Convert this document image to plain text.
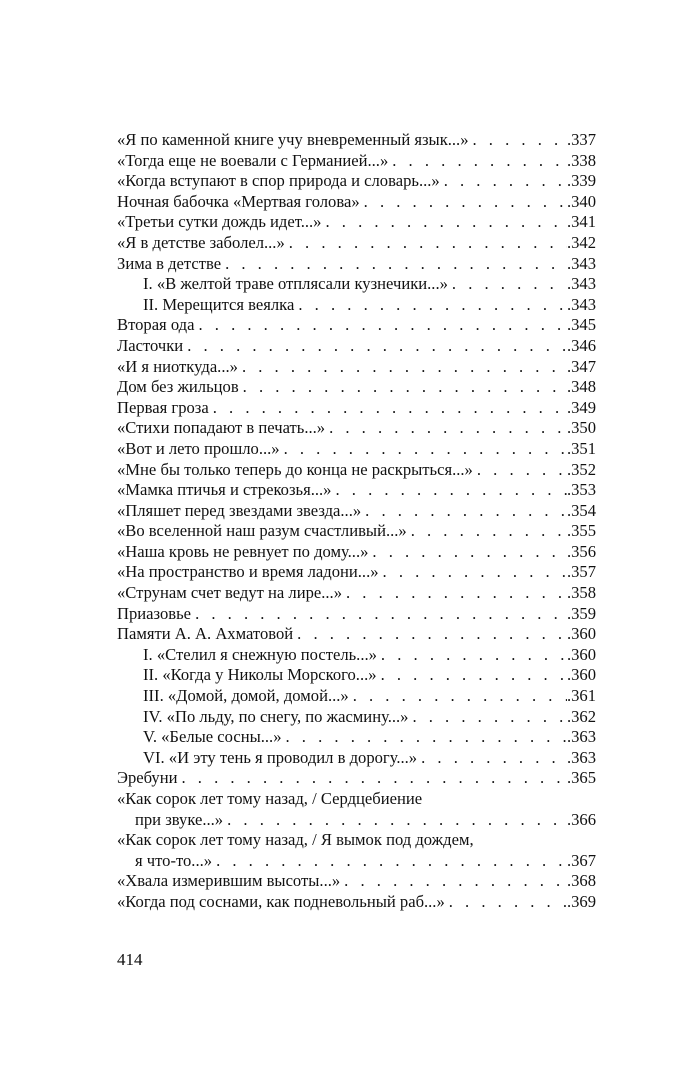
«Я по каменной книге учу вневременный язык...» . . .	.337
«Тогда еще не воевали с Германией...» . . .	.338
«Когда вступают в спор природа и словарь...» . . .	.339
Ночная бабочка «Мертвая голова» . . .	.340
«Третьи сутки дождь идет...» . . .	.341
«Я в детстве заболел...» . . .	.342
Зима в детстве . . .	.343
I. «В желтой траве отплясали кузнечики...» . . .	.343
II. Мерещится веялка . . .	.343
Вторая ода . . .	.345
Ласточки . . .	.346
«И я ниоткуда...» . . .	.347
Дом без жильцов . . .	.348
Первая гроза . . .	.349
«Стихи попадают в печать...» . . .	.350
«Вот и лето прошло...» . . .	.351
«Мне бы только теперь до конца не раскрыться...» . . .	.352
«Мамка птичья и стрекозья...» . . .	.353
«Пляшет перед звездами звезда...» . . .	.354
«Во вселенной наш разум счастливый...» . . .	.355
«Наша кровь не ревнует по дому...» . . .	.356
«На пространство и время ладони...» . . .	.357
«Струнам счет ведут на лире...» . . .	.358
Приазовье . . .	.359
Памяти А. А. Ахматовой . . .	.360
I. «Стелил я снежную постель...» . . .	.360
II. «Когда у Николы Морского...» . . .	.360
III. «Домой, домой, домой...» . . .	.361
IV. «По льду, по снегу, по жасмину...» . . .	.362
V. «Белые сосны...» . . .	.363
VI. «И эту тень я проводил в дорогу...» . . .	.363
Эребуни . . .	.365
«Как сорок лет тому назад, / Сердцебиение
при звуке...» . . .	.366
«Как сорок лет тому назад, / Я вымок под дождем,
я что-то...» . . .	.367
«Хвала измерившим высоты...» . . .	.368
«Когда под соснами, как подневольный раб...» . . .	.369
414
